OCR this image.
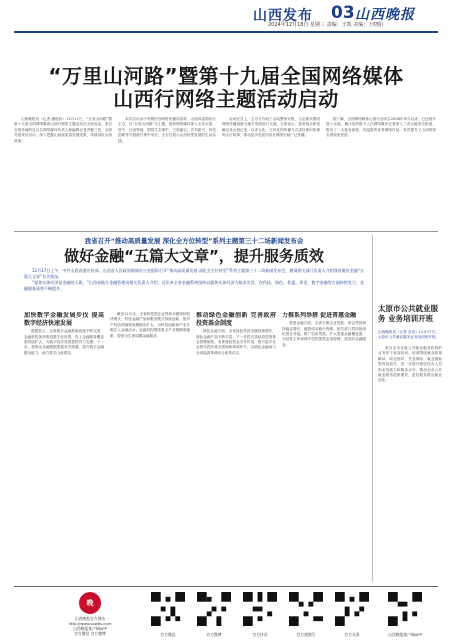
山西发布 03 山西晚报
2024年12月18日 星期三 责编：王凯 美编：王晓阳
“万里山河路”暨第十九届全国网络媒体
山西行网络主题活动启动

山西晚报讯（记者 潘艳彩）12月17日，“万里山河路”暨第十九届全国网络媒体山西行网络主题活动在太原启动。来自全国各地的近百名网络媒体负责人和编辑记者齐聚三晋，全面开展采访活动，深入挖掘山西高质量发展成果，持续讲好山西故事。

本次活动由中央网信办网络传播局指导，山西省委网信办主办，以“万里山河路”为主题，组织网络媒体深入走访太原、晋中、长治等地，围绕生态保护、文旅融合、乡村振兴、科技创新等方面展开集中采访，全方位展示山西转型发展的生动实践。

启动仪式上，主办方介绍了活动整体安排，与会嘉宾围绕网络传播创新与地方发展进行交流。大家表示，将用镜头和笔触记录山西巨变，以多元化、立体化的传播方式讲好黄河故事和太行故事，推动更多优质内容在网络空间广泛传播。

据了解，全国网络媒体山西行活动自2006年举办以来，已连续开展十余届，累计组织数千人次网络媒体记者深入三晋大地采访报道，推出了一大批有深度、有温度的优秀网络作品，有效提升了山西的知名度和美誉度。

我省召开“推动高质量发展 深化全方位转型”系列主题第三十二场新闻发布会
做好金融“五篇大文章”，提升服务质效
12月17日上午，中共山西省委宣传部、山西省人民政府新闻办公室组织召开“推动高质量发展 深化全方位转型”系列主题第三十二场新闻发布会，邀请相关部门负责人介绍我省做好金融“五篇大文章”有关情况。
“服务实体经济是金融的天职。”山西省地方金融管理局相关负责人介绍，近年来全省金融系统坚持以服务实体经济为根本宗旨，在科技、绿色、普惠、养老、数字金融等方面持续发力，金融服务质效不断提升。

加快数字金融发展步伐 提高数字经济快速发展

数据显示，全省数字金融基础设施不断完善，金融机构加快推进数字化转型，线上金融服务覆盖面持续扩大，为数字经济发展提供有力支撑。下一步，将推动金融数据要素有序流通，提升数字金融服务能力，助力数字山西建设。

截至11月末，全省科技型企业贷款余额保持较快增长，科技金融产品和服务模式持续创新，知识产权质押融资规模稳步扩大，为科技创新和产业升级注入金融活水。金融机构围绕重点产业链精准施策，提供全生命周期金融服务。

推动绿色金融创新 完善政府投资基金制度

绿色金融方面，全省绿色贷款余额持续增长，绿色金融产品不断丰富。下一步将完善政府投资基金管理制度，发挥财政资金引导作用，吸引更多社会资本投向重点领域和薄弱环节，以绿色金融助力全省能源革命综合改革试点。

力推系列举措 促进普惠金融

普惠金融方面，全省小微企业贷款、涉农贷款保持稳定增长，融资成本稳中有降。相关部门将持续深化银企对接，推广信用贷款，扩大普惠金融覆盖面，为经营主体和城乡居民提供更加便捷、高效的金融服务。

太原市公共就业服务 业务培训开班
山西晚报讯（记者 武晋）12月17日，太原市公共就业服务业务培训班开班。

来自全市各级公共就业服务机构的业务骨干参加培训。培训围绕就业政策解读、职业指导、失业保险、就业援助等内容展开，进一步提升基层经办人员的业务能力和服务水平，推动全市公共就业服务提质增效，更好服务群众就业创业。

晚
山西晚报官方网站
http://www.sxwbs.com
山西晚报客户端APP
官方微信 官方微博	官方微信	官方微博	官方抖音	官方视频号	官方头条	山西晚报客户端APP
